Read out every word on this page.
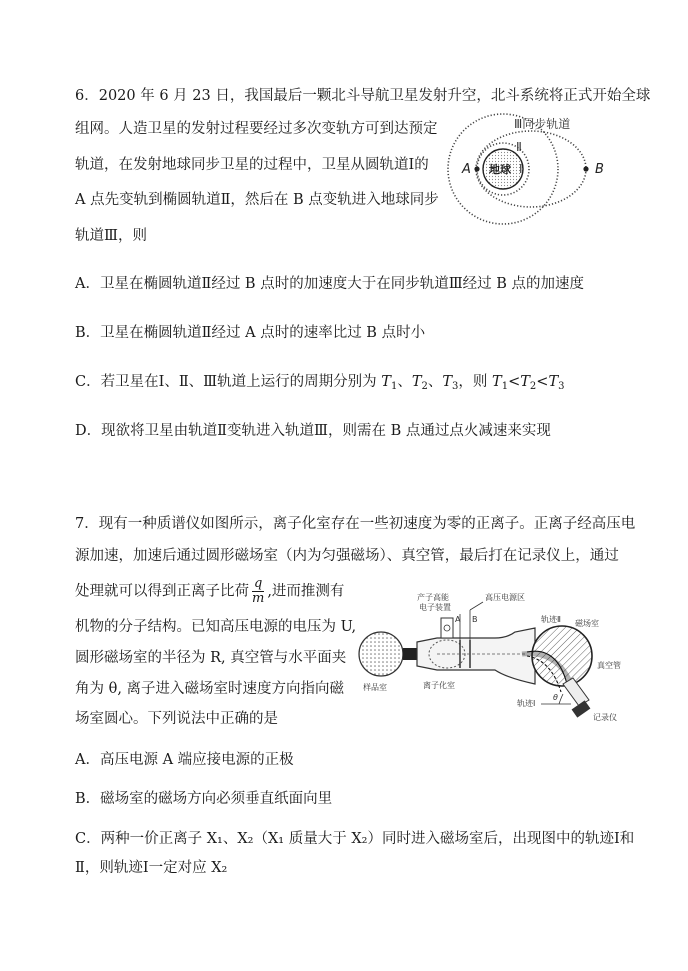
6．2020 年 6 月 23 日，我国最后一颗北斗导航卫星发射升空，北斗系统将正式开始全球
组网。人造卫星的发射过程要经过多次变轨方可到达预定
轨道，在发射地球同步卫星的过程中，卫星从圆轨道Ⅰ的
A 点先变轨到椭圆轨道Ⅱ，然后在 B 点变轨进入地球同步
轨道Ⅲ，则
Ⅲ同步轨道
Ⅱ
Ⅰ
地球
A	B
A．卫星在椭圆轨道Ⅱ经过 B 点时的加速度大于在同步轨道Ⅲ经过 B 点的加速度
B．卫星在椭圆轨道Ⅱ经过 A 点时的速率比过 B 点时小
C．若卫星在Ⅰ、Ⅱ、Ⅲ轨道上运行的周期分别为 $T_1$、$T_2$、$T_3$，则 $T_1<T_2<T_3$
D．现欲将卫星由轨道Ⅱ变轨进入轨道Ⅲ，则需在 B 点通过点火减速来实现
7．现有一种质谱仪如图所示，离子化室存在一些初速度为零的正离子。正离子经高压电
源加速，加速后通过圆形磁场室（内为匀强磁场）、真空管，最后打在记录仪上，通过
处理就可以得到正离子比荷 $\frac{q}{m}$ ,进而推测有
机物的分子结构。已知高压电源的电压为 U,
圆形磁场室的半径为 R, 真空管与水平面夹
角为 θ, 离子进入磁场室时速度方向指向磁
场室圆心。下列说法中正确的是
产子高能
电子装置
高压电源区
A B	轨迹Ⅱ 磁场室
样品室	离子化室
轨迹Ⅰ
θ
真空管
记录仪
A．高压电源 A 端应接电源的正极
B．磁场室的磁场方向必须垂直纸面向里
C．两种一价正离子 X₁、X₂（X₁ 质量大于 X₂）同时进入磁场室后，出现图中的轨迹Ⅰ和
Ⅱ，则轨迹Ⅰ一定对应 X₂
